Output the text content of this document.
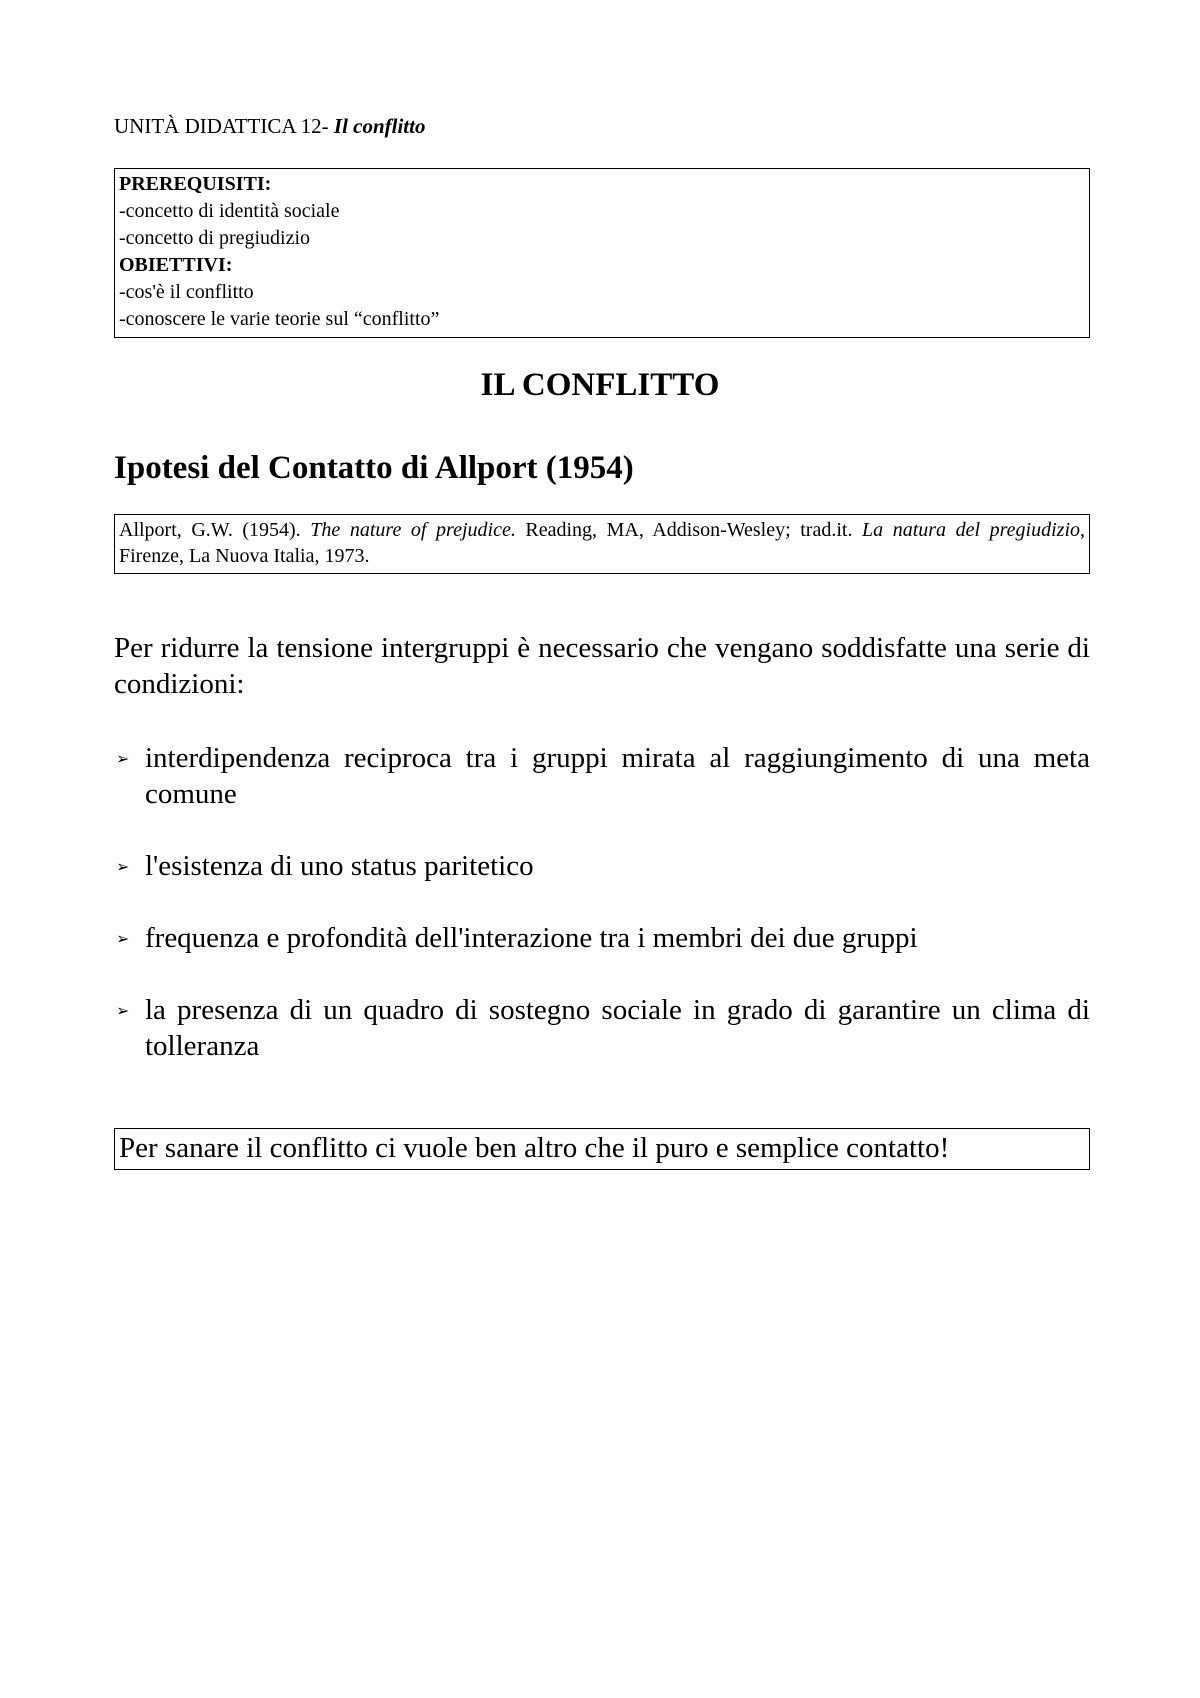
UNITÀ DIDATTICA 12- Il conflitto
PREREQUISITI:
-concetto di identità sociale
-concetto di pregiudizio
OBIETTIVI:
-cos'è il conflitto
-conoscere le varie teorie sul “conflitto”
IL CONFLITTO
Ipotesi del Contatto di Allport (1954)
Allport, G.W. (1954). The nature of prejudice. Reading, MA, Addison-Wesley; trad.it. La natura del pregiudizio, Firenze, La Nuova Italia, 1973.
Per ridurre la tensione intergruppi è necessario che vengano soddisfatte una serie di condizioni:
➢ interdipendenza reciproca tra i gruppi mirata al raggiungimento di una meta comune
➢ l'esistenza di uno status paritetico
➢ frequenza e profondità dell'interazione tra i membri dei due gruppi
➢ la presenza di un quadro di sostegno sociale in grado di garantire un clima di tolleranza
Per sanare il conflitto ci vuole ben altro che il puro e semplice contatto!
